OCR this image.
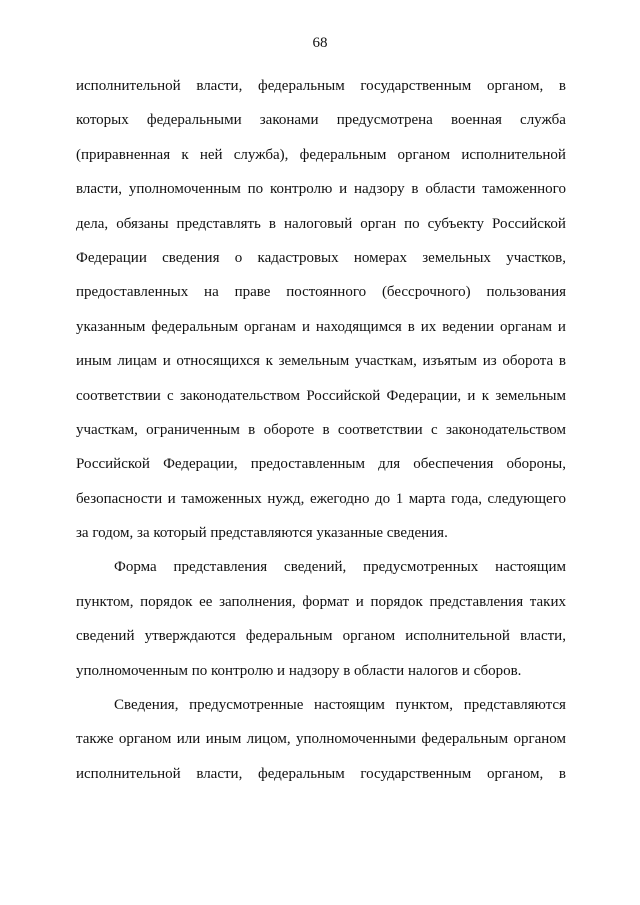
68
исполнительной власти, федеральным государственным органом, в
которых федеральными законами предусмотрена военная служба
(приравненная к ней служба), федеральным органом исполнительной
власти, уполномоченным по контролю и надзору в области таможенного
дела, обязаны представлять в налоговый орган по субъекту Российской
Федерации сведения о кадастровых номерах земельных участков,
предоставленных на праве постоянного (бессрочного) пользования
указанным федеральным органам и находящимся в их ведении органам и
иным лицам и относящихся к земельным участкам, изъятым из оборота в
соответствии с законодательством Российской Федерации, и к земельным
участкам, ограниченным в обороте в соответствии с законодательством
Российской Федерации, предоставленным для обеспечения обороны,
безопасности и таможенных нужд, ежегодно до 1 марта года, следующего
за годом, за который представляются указанные сведения.
Форма представления сведений, предусмотренных настоящим
пунктом, порядок ее заполнения, формат и порядок представления таких
сведений утверждаются федеральным органом исполнительной власти,
уполномоченным по контролю и надзору в области налогов и сборов.
Сведения, предусмотренные настоящим пунктом, представляются
также органом или иным лицом, уполномоченными федеральным органом
исполнительной власти, федеральным государственным органом, в
